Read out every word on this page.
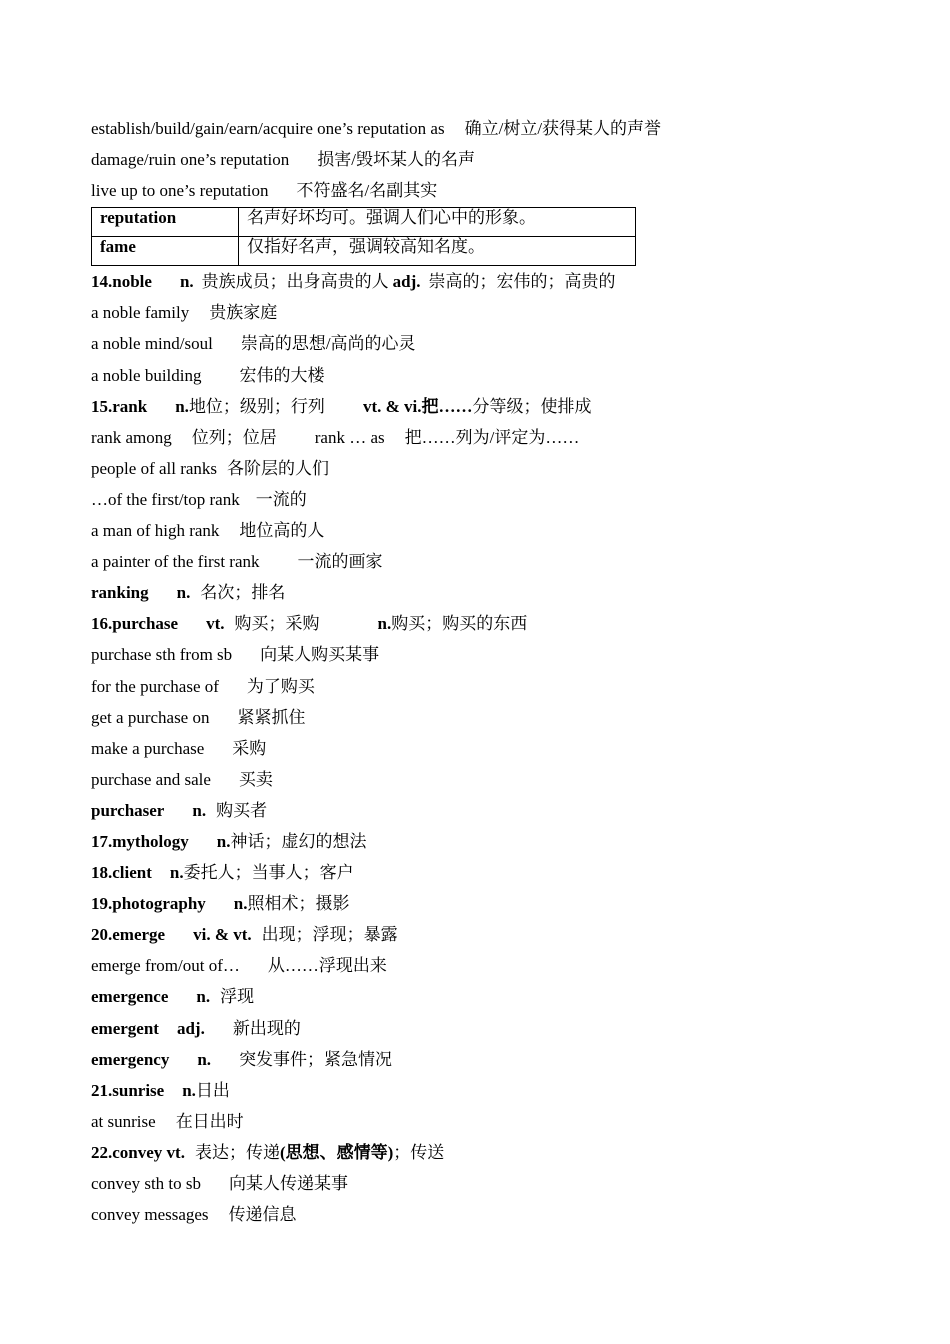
establish/build/gain/earn/acquire one’s reputation as 确立/树立/获得某人的声誉
damage/ruin one’s reputation 损害/毁坏某人的名声
live up to one’s reputation 不符盛名/名副其实
reputation	名声好坏均可。强调人们心中的形象。
fame	仅指好名声，强调较高知名度。
14.noble n. 贵族成员；出身高贵的人 adj. 崇高的；宏伟的；高贵的
a noble family 贵族家庭
a noble mind/soul 崇高的思想/高尚的心灵
a noble building 宏伟的大楼
15.rank n.地位；级别；行列 vt. & vi.把……分等级；使排成
rank among 位列；位居 rank … as 把……列为/评定为……
people of all ranks 各阶层的人们
…of the first/top rank 一流的
a man of high rank 地位高的人
a painter of the first rank 一流的画家
ranking n. 名次；排名
16.purchase vt. 购买；采购	n.购买；购买的东西
purchase sth from sb 向某人购买某事
for the purchase of 为了购买
get a purchase on 紧紧抓住
make a purchase 采购
purchase and sale 买卖
purchaser n. 购买者
17.mythology n.神话；虚幻的想法
18.client n.委托人；当事人；客户
19.photography n.照相术；摄影
20.emerge vi. & vt. 出现；浮现；暴露
emerge from/out of… 从……浮现出来
emergence n. 浮现
emergent adj. 新出现的
emergency n. 突发事件；紧急情况
21.sunrise n.日出
at sunrise 在日出时
22.convey vt. 表达；传递(思想、感情等)；传送
convey sth to sb 向某人传递某事
convey messages 传递信息
